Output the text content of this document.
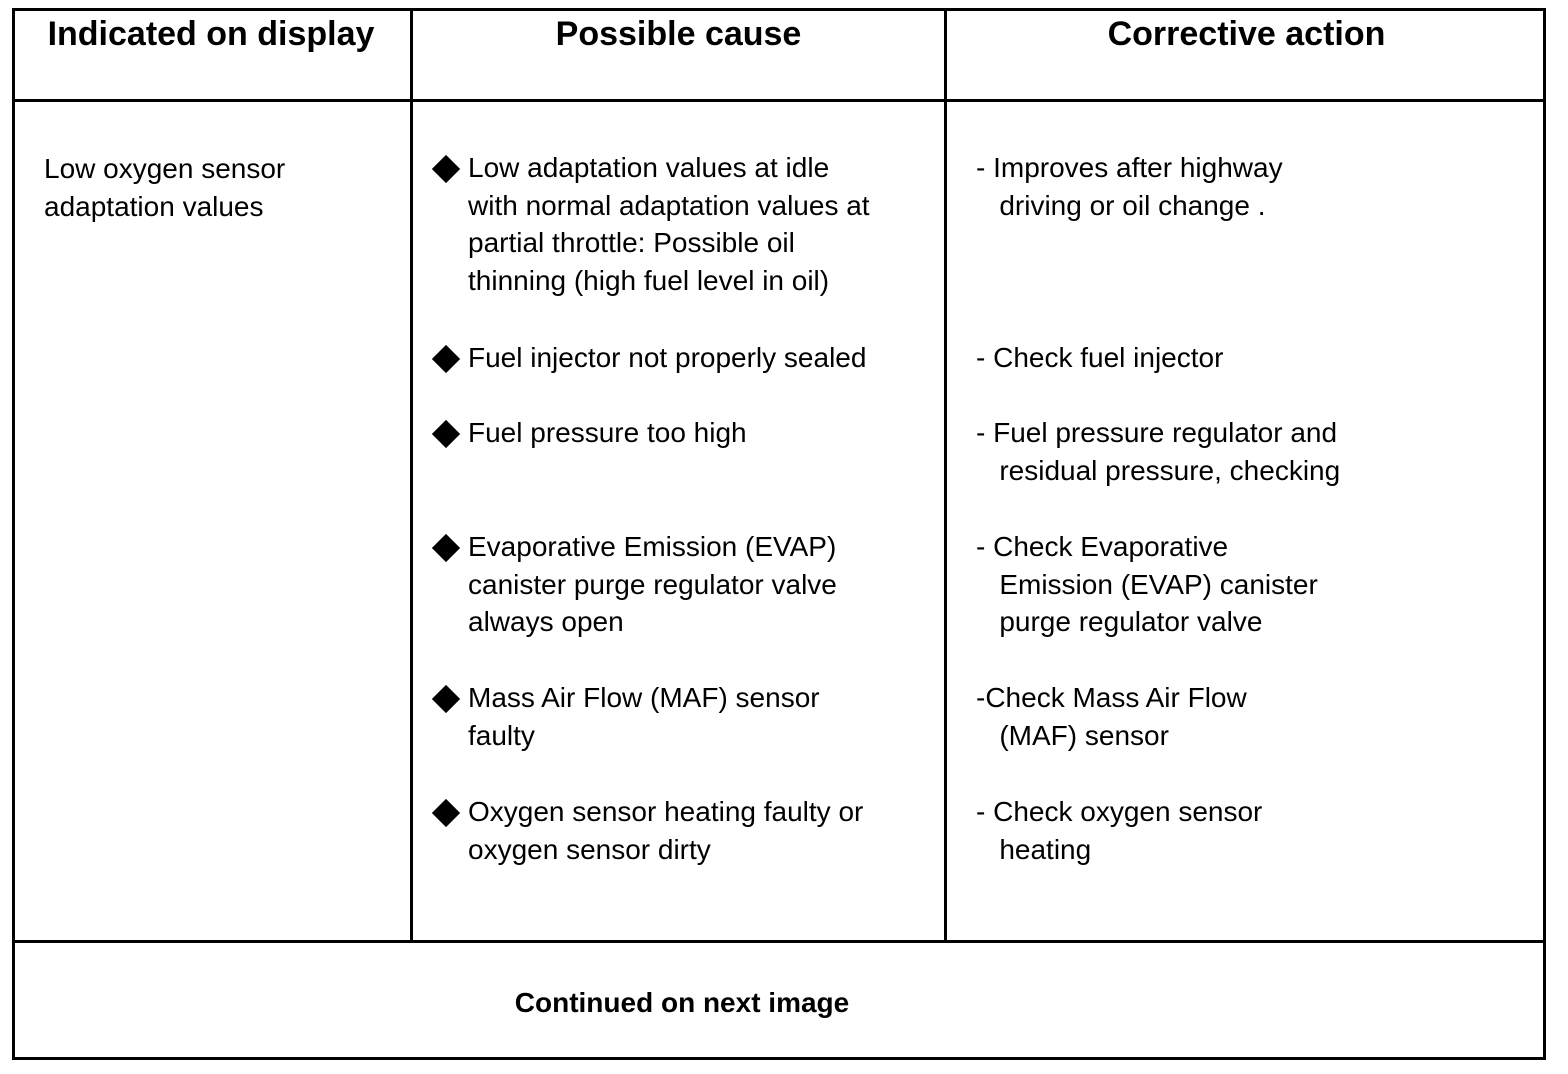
Indicated on display	Possible cause	Corrective action
Low oxygen sensor
adaptation values
Low adaptation values at idle
with normal adaptation values at
partial throttle: Possible oil
thinning (high fuel level in oil)
Fuel injector not properly sealed
Fuel pressure too high
Evaporative Emission (EVAP)
canister purge regulator valve
always open
Mass Air Flow (MAF) sensor
faulty
Oxygen sensor heating faulty or
oxygen sensor dirty
- Improves after highway
driving or oil change .
- Check fuel injector
- Fuel pressure regulator and
residual pressure, checking
- Check Evaporative
Emission (EVAP) canister
purge regulator valve
-Check Mass Air Flow
(MAF) sensor
- Check oxygen sensor
heating
Continued on next image
